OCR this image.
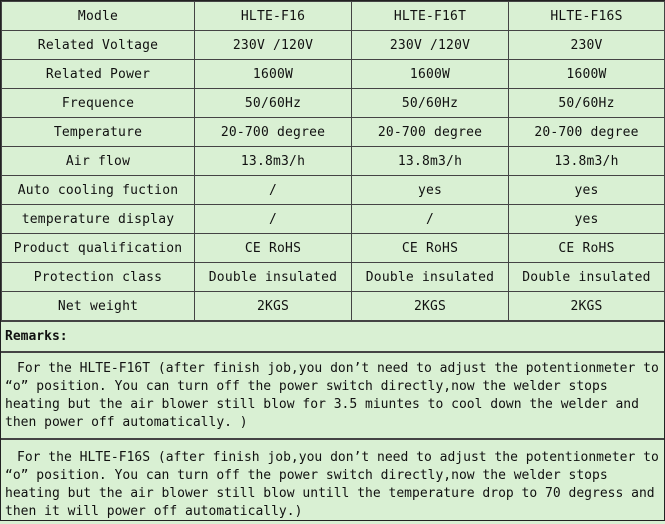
Modle	HLTE-F16	HLTE-F16T	HLTE-F16S
Related Voltage	230V /120V	230V /120V	230V
Related Power	1600W	1600W	1600W
Frequence	50/60Hz	50/60Hz	50/60Hz
Temperature	20-700 degree	20-700 degree	20-700 degree
Air flow	13.8m3/h	13.8m3/h	13.8m3/h
Auto cooling fuction	/	yes	yes
temperature display	/	/	yes
Product qualification	CE RoHS	CE RoHS	CE RoHS
Protection class	Double insulated	Double insulated	Double insulated
Net weight	2KGS	2KGS	2KGS
Remarks:
For the HLTE-F16T (after finish job,you don’t need to adjust the potentionmeter to “o” position. You can turn off the power switch directly,now the welder stops heating but the air blower still blow for 3.5 miuntes to cool down the welder and then power off automatically. )
For the HLTE-F16S (after finish job,you don’t need to adjust the potentionmeter to “o” position. You can turn off the power switch directly,now the welder stops heating but the air blower still blow untill the temperature drop to 70 degress and then it will power off automatically.)
